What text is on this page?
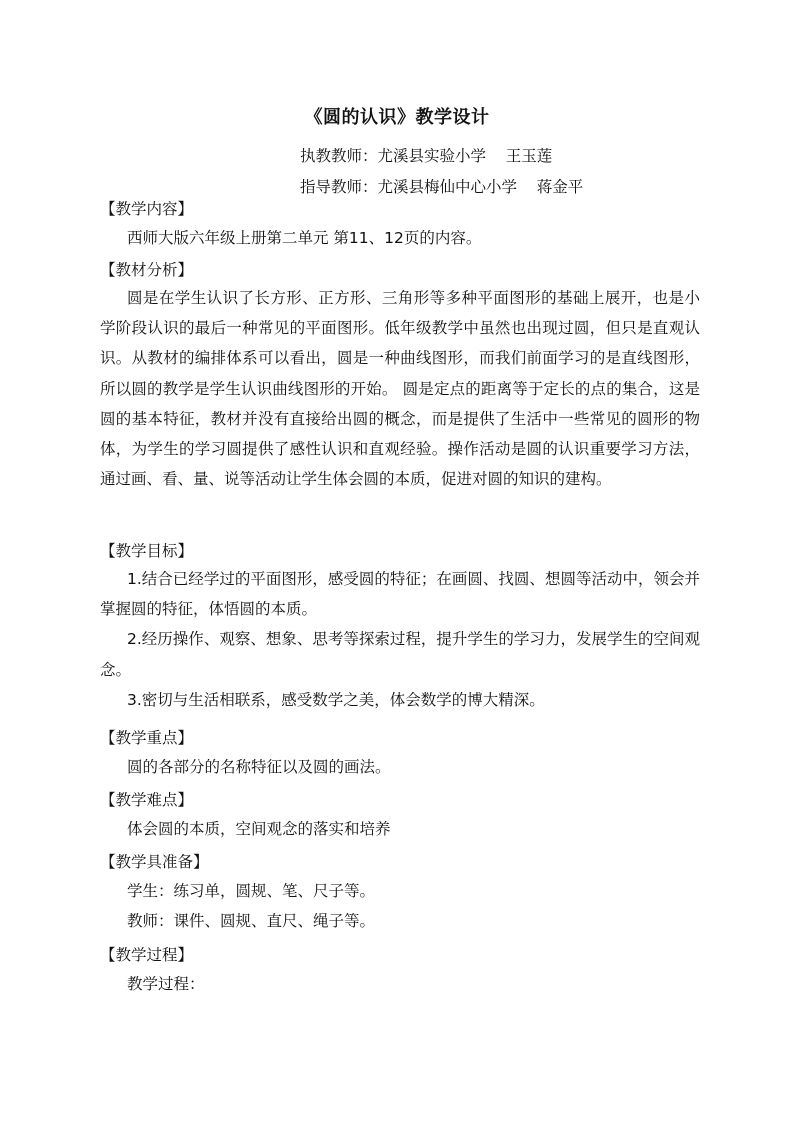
《圆的认识》教学设计
执教教师：尤溪县实验小学    王玉莲
指导教师：尤溪县梅仙中心小学    蒋金平
【教学内容】
西师大版六年级上册第二单元 第11、12页的内容。
【教材分析】
圆是在学生认识了长方形、正方形、三角形等多种平面图形的基础上展开，也是小学阶段认识的最后一种常见的平面图形。低年级教学中虽然也出现过圆，但只是直观认识。从教材的编排体系可以看出，圆是一种曲线图形，而我们前面学习的是直线图形，所以圆的教学是学生认识曲线图形的开始。 圆是定点的距离等于定长的点的集合，这是圆的基本特征，教材并没有直接给出圆的概念，而是提供了生活中一些常见的圆形的物体，为学生的学习圆提供了感性认识和直观经验。操作活动是圆的认识重要学习方法，通过画、看、量、说等活动让学生体会圆的本质，促进对圆的知识的建构。
【教学目标】
1.结合已经学过的平面图形，感受圆的特征；在画圆、找圆、想圆等活动中，领会并掌握圆的特征，体悟圆的本质。
2.经历操作、观察、想象、思考等探索过程，提升学生的学习力，发展学生的空间观念。
3.密切与生活相联系，感受数学之美，体会数学的博大精深。
【教学重点】
圆的各部分的名称特征以及圆的画法。
【教学难点】
体会圆的本质，空间观念的落实和培养
【教学具准备】
学生：练习单，圆规、笔、尺子等。
教师：课件、圆规、直尺、绳子等。
【教学过程】
教学过程：
